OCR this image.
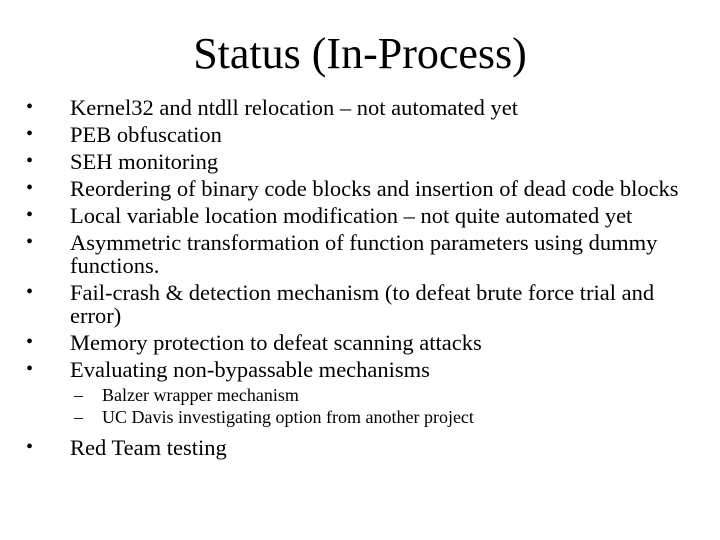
Status (In-Process)
•	Kernel32 and ntdll relocation – not automated yet
•	PEB obfuscation
•	SEH monitoring
•	Reordering of binary code blocks and insertion of dead code blocks
•	Local variable location modification – not quite automated yet
•	Asymmetric transformation of function parameters using dummy functions.
•	Fail-crash & detection mechanism (to defeat brute force trial and error)
•	Memory protection to defeat scanning attacks
•	Evaluating non-bypassable mechanisms
– Balzer wrapper mechanism
– UC Davis investigating option from another project
•	Red Team testing
